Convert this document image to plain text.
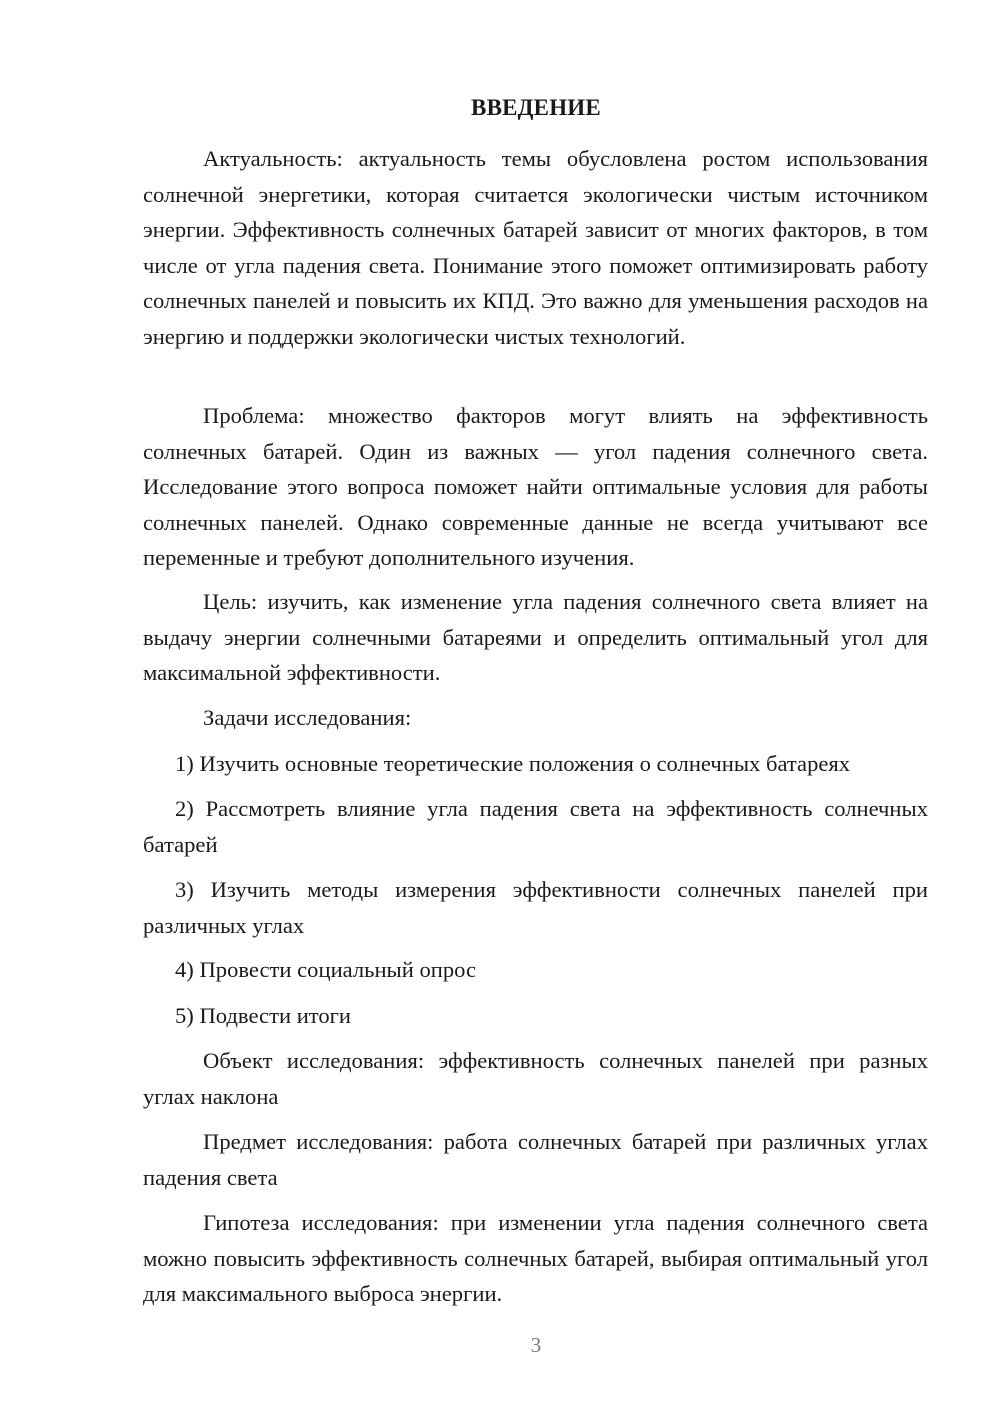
ВВЕДЕНИЕ

Актуальность: актуальность темы обусловлена ростом использования солнечной энергетики, которая считается экологически чистым источником энергии. Эффективность солнечных батарей зависит от многих факторов, в том числе от угла падения света. Понимание этого поможет оптимизировать работу солнечных панелей и повысить их КПД. Это важно для уменьшения расходов на энергию и поддержки экологически чистых технологий.

Проблема: множество факторов могут влиять на эффективность солнечных батарей. Один из важных — угол падения солнечного света. Исследование этого вопроса поможет найти оптимальные условия для работы солнечных панелей. Однако современные данные не всегда учитывают все переменные и требуют дополнительного изучения.

Цель: изучить, как изменение угла падения солнечного света влияет на выдачу энергии солнечными батареями и определить оптимальный угол для максимальной эффективности.

Задачи исследования:

1) Изучить основные теоретические положения о солнечных батареях

2) Рассмотреть влияние угла падения света на эффективность солнечных батарей

3) Изучить методы измерения эффективности солнечных панелей при различных углах

4) Провести социальный опрос

5) Подвести итоги

Объект исследования: эффективность солнечных панелей при разных углах наклона

Предмет исследования: работа солнечных батарей при различных углах падения света

Гипотеза исследования: при изменении угла падения солнечного света можно повысить эффективность солнечных батарей, выбирая оптимальный угол для максимального выброса энергии.

3
